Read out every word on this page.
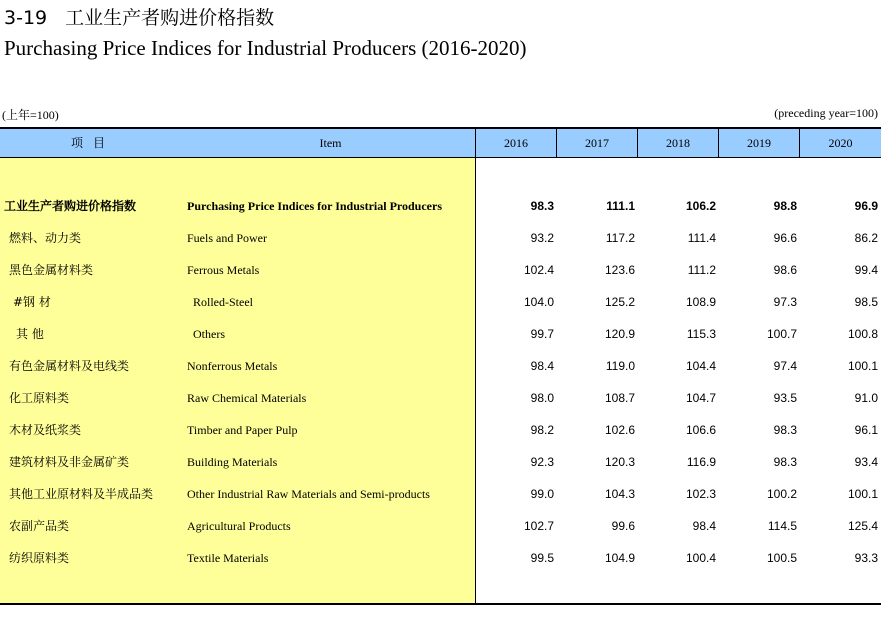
3-19 工业生产者购进价格指数
Purchasing Price Indices for Industrial Producers (2016-2020)
(上年=100)	(preceding year=100)
项目	Item	2016	2017	2018	2019	2020
工业生产者购进价格指数	Purchasing Price Indices for Industrial Producers	98.3	111.1	106.2	98.8	96.9
燃料、动力类	Fuels and Power	93.2	117.2	111.4	96.6	86.2
黑色金属材料类	Ferrous Metals	102.4	123.6	111.2	98.6	99.4
#钢 材	Rolled-Steel	104.0	125.2	108.9	97.3	98.5
其 他	Others	99.7	120.9	115.3	100.7	100.8
有色金属材料及电线类	Nonferrous Metals	98.4	119.0	104.4	97.4	100.1
化工原料类	Raw Chemical Materials	98.0	108.7	104.7	93.5	91.0
木材及纸浆类	Timber and Paper Pulp	98.2	102.6	106.6	98.3	96.1
建筑材料及非金属矿类	Building Materials	92.3	120.3	116.9	98.3	93.4
其他工业原材料及半成品类	Other Industrial Raw Materials and Semi-products	99.0	104.3	102.3	100.2	100.1
农副产品类	Agricultural Products	102.7	99.6	98.4	114.5	125.4
纺织原料类	Textile Materials	99.5	104.9	100.4	100.5	93.3
